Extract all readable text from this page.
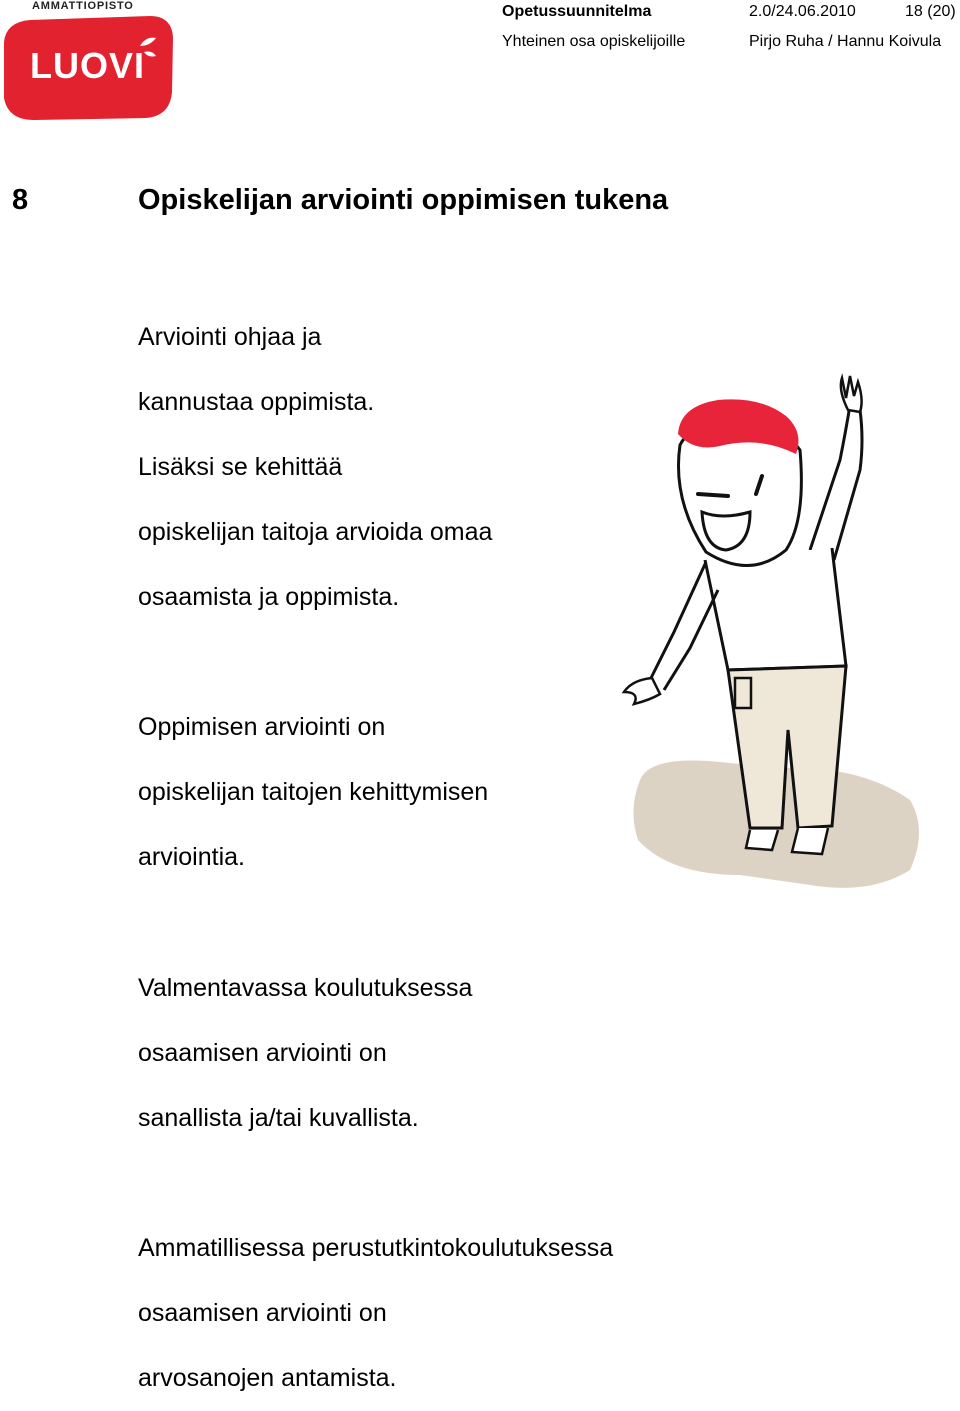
AMMATTIOPISTO
LUOVI
Opetussuunnitelma	2.0/24.06.2010	18 (20)
Yhteinen osa opiskelijoille	Pirjo Ruha / Hannu Koivula
8	Opiskelijan arviointi oppimisen tukena

Arviointi ohjaa ja
kannustaa oppimista.
Lisäksi se kehittää
opiskelijan taitoja arvioida omaa
osaamista ja oppimista.

Oppimisen arviointi on
opiskelijan taitojen kehittymisen
arviointia.

Valmentavassa koulutuksessa
osaamisen arviointi on
sanallista ja/tai kuvallista.

Ammatillisessa perustutkintokoulutuksessa
osaamisen arviointi on
arvosanojen antamista.
